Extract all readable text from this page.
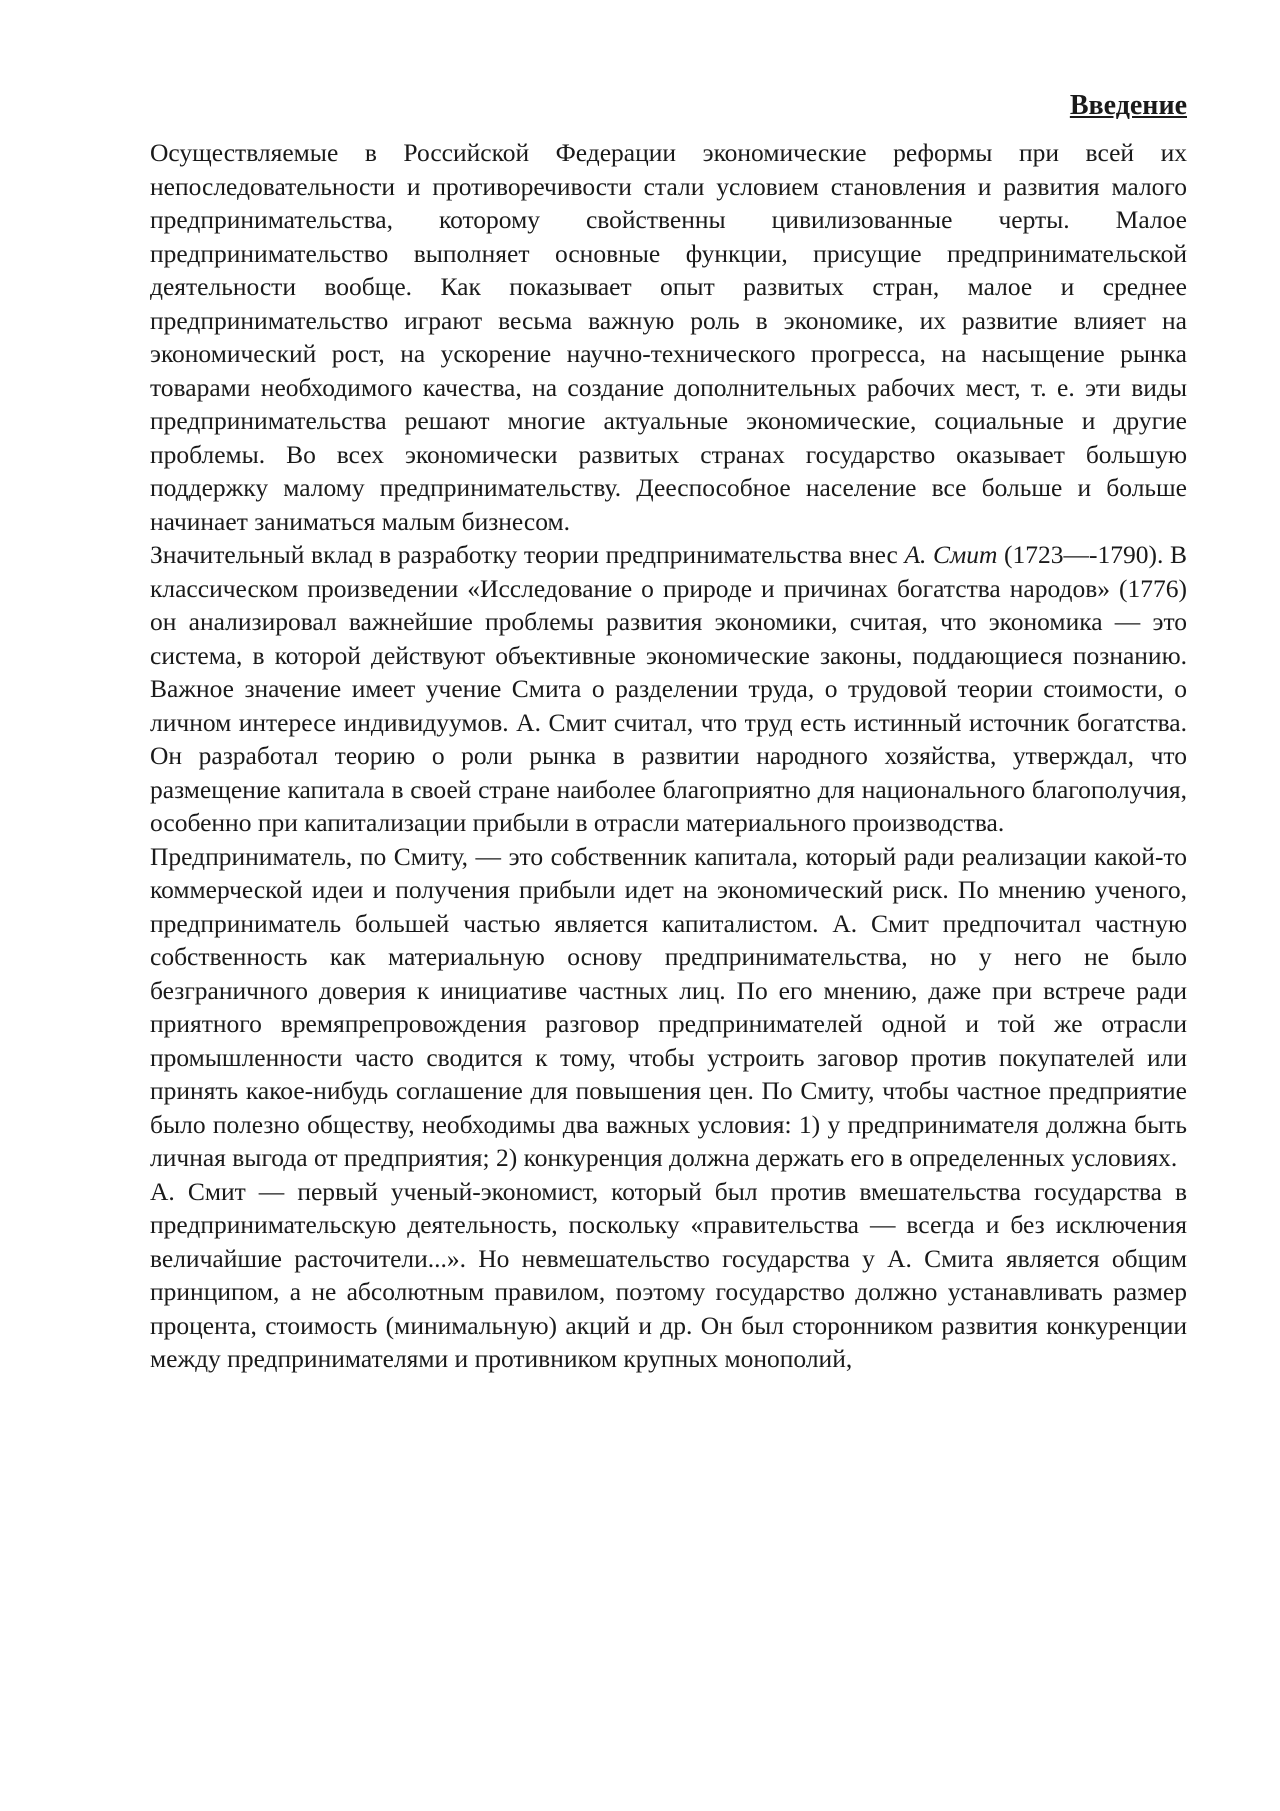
Введение

Осуществляемые в Российской Федерации экономические реформы при всей их непоследовательности и противоречивости стали условием становления и развития малого предпринимательства, которому свойственны цивилизованные черты. Малое предпринимательство выполняет основные функции, присущие предпринимательской деятельности вообще. Как показывает опыт развитых стран, малое и среднее предпринимательство играют весьма важную роль в экономике, их развитие влияет на экономический рост, на ускорение научно-технического прогресса, на насыщение рынка товарами необходимого качества, на создание дополнительных рабочих мест, т. е. эти виды предпринимательства решают многие актуальные экономические, социальные и другие проблемы. Во всех экономически развитых странах государство оказывает большую поддержку малому предпринимательству. Дееспособное население все больше и больше начинает заниматься малым бизнесом.

Значительный вклад в разработку теории предпринимательства внес А. Смит (1723—-1790). В классическом произведении «Исследование о природе и причинах богатства народов» (1776) он анализировал важнейшие проблемы развития экономики, считая, что экономика — это система, в которой действуют объективные экономические законы, поддающиеся познанию. Важное значение имеет учение Смита о разделении труда, о трудовой теории стоимости, о личном интересе индивидуумов. А. Смит считал, что труд есть истинный источник богатства. Он разработал теорию о роли рынка в развитии народного хозяйства, утверждал, что размещение капитала в своей стране наиболее благоприятно для национального благополучия, особенно при капитализации прибыли в отрасли материального производства.

Предприниматель, по Смиту, — это собственник капитала, который ради реализации какой-то коммерческой идеи и получения прибыли идет на экономический риск. По мнению ученого, предприниматель большей частью является капиталистом. А. Смит предпочитал частную собственность как материальную основу предпринимательства, но у него не было безграничного доверия к инициативе частных лиц. По его мнению, даже при встрече ради приятного времяпрепровождения разговор предпринимателей одной и той же отрасли промышленности часто сводится к тому, чтобы устроить заговор против покупателей или принять какое-нибудь соглашение для повышения цен. По Смиту, чтобы частное предприятие было полезно обществу, необходимы два важных условия: 1) у предпринимателя должна быть личная выгода от предприятия; 2) конкуренция должна держать его в определенных условиях.

А. Смит — первый ученый-экономист, который был против вмешательства государства в предпринимательскую деятельность, поскольку «правительства — всегда и без исключения величайшие расточители...». Но невмешательство государства у А. Смита является общим принципом, а не абсолютным правилом, поэтому государство должно устанавливать размер процента, стоимость (минимальную) акций и др. Он был сторонником развития конкуренции между предпринимателями и противником крупных монополий,
